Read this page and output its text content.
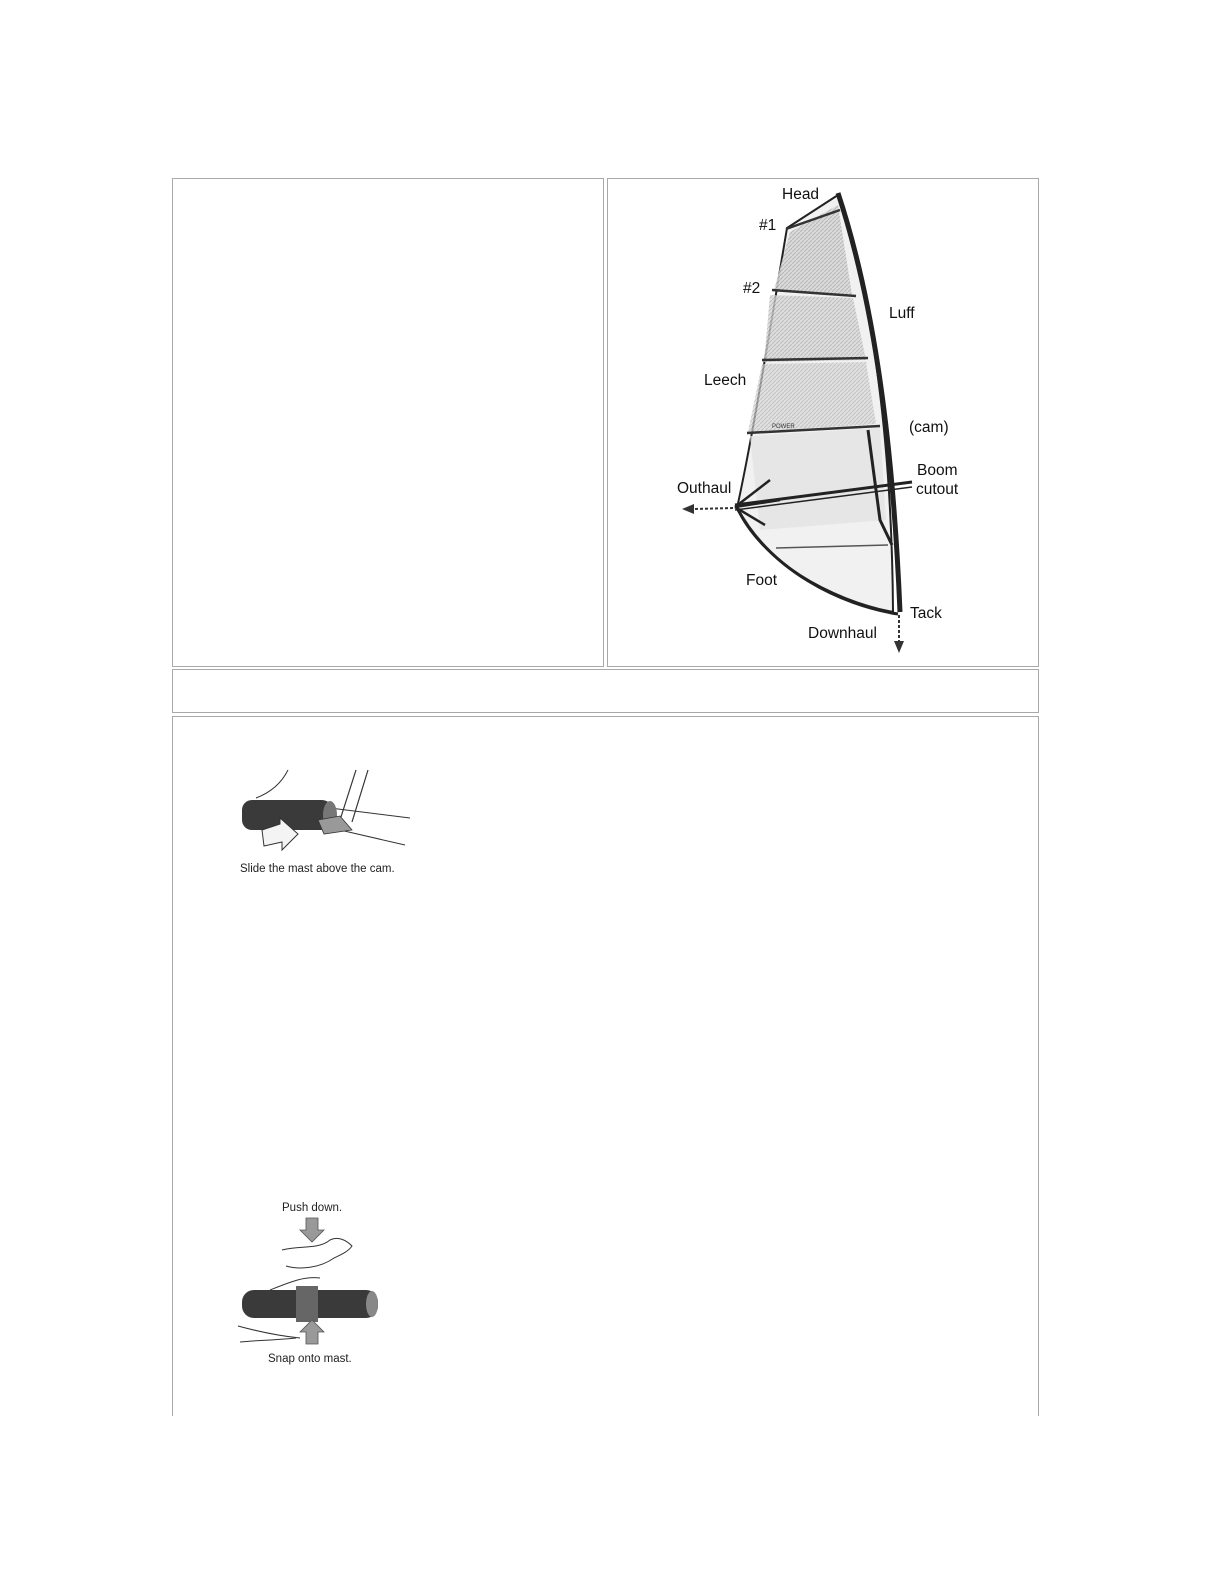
POWER
Head
#1
#2
Luff
Leech
(cam)
Boom
cutout
Outhaul
Foot
Tack
Downhaul
Slide the mast above the cam.
Push down.
Snap onto mast.
